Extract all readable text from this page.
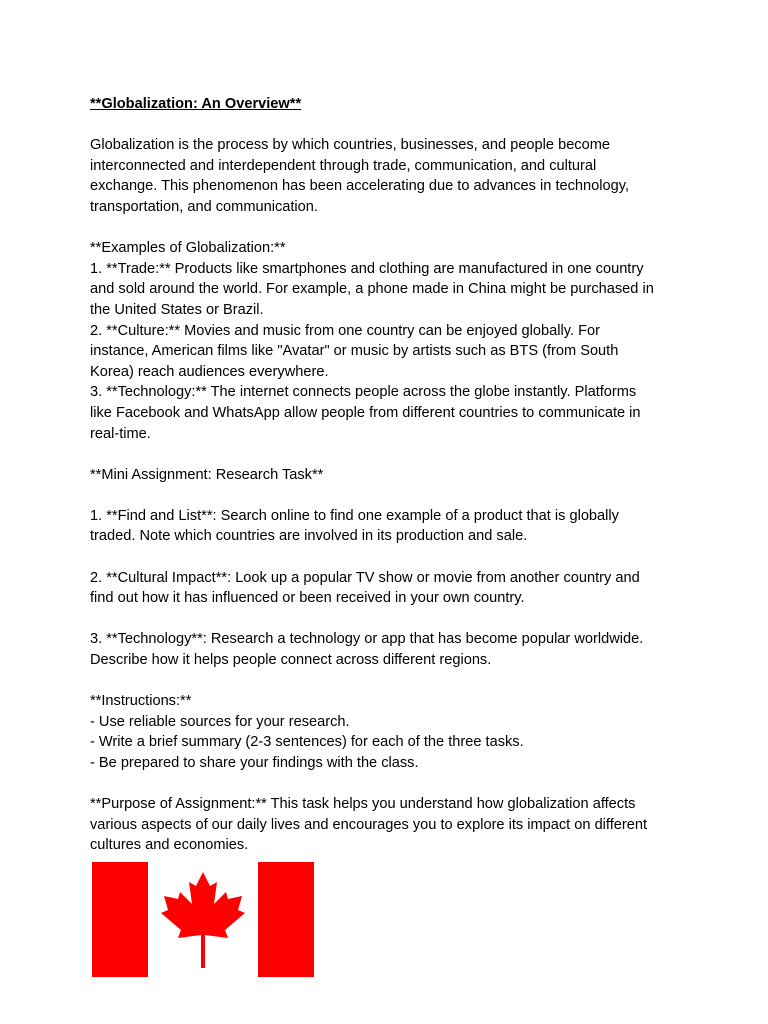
**Globalization: An Overview**
Globalization is the process by which countries, businesses, and people become
interconnected and interdependent through trade, communication, and cultural
exchange. This phenomenon has been accelerating due to advances in technology,
transportation, and communication.
**Examples of Globalization:**
1. **Trade:** Products like smartphones and clothing are manufactured in one country
and sold around the world. For example, a phone made in China might be purchased in
the United States or Brazil.
2. **Culture:** Movies and music from one country can be enjoyed globally. For
instance, American films like "Avatar" or music by artists such as BTS (from South
Korea) reach audiences everywhere.
3. **Technology:** The internet connects people across the globe instantly. Platforms
like Facebook and WhatsApp allow people from different countries to communicate in
real-time.
**Mini Assignment: Research Task**
1. **Find and List**: Search online to find one example of a product that is globally
traded. Note which countries are involved in its production and sale.
2. **Cultural Impact**: Look up a popular TV show or movie from another country and
find out how it has influenced or been received in your own country.
3. **Technology**: Research a technology or app that has become popular worldwide.
Describe how it helps people connect across different regions.
**Instructions:**
- Use reliable sources for your research.
- Write a brief summary (2-3 sentences) for each of the three tasks.
- Be prepared to share your findings with the class.
**Purpose of Assignment:** This task helps you understand how globalization affects
various aspects of our daily lives and encourages you to explore its impact on different
cultures and economies.
